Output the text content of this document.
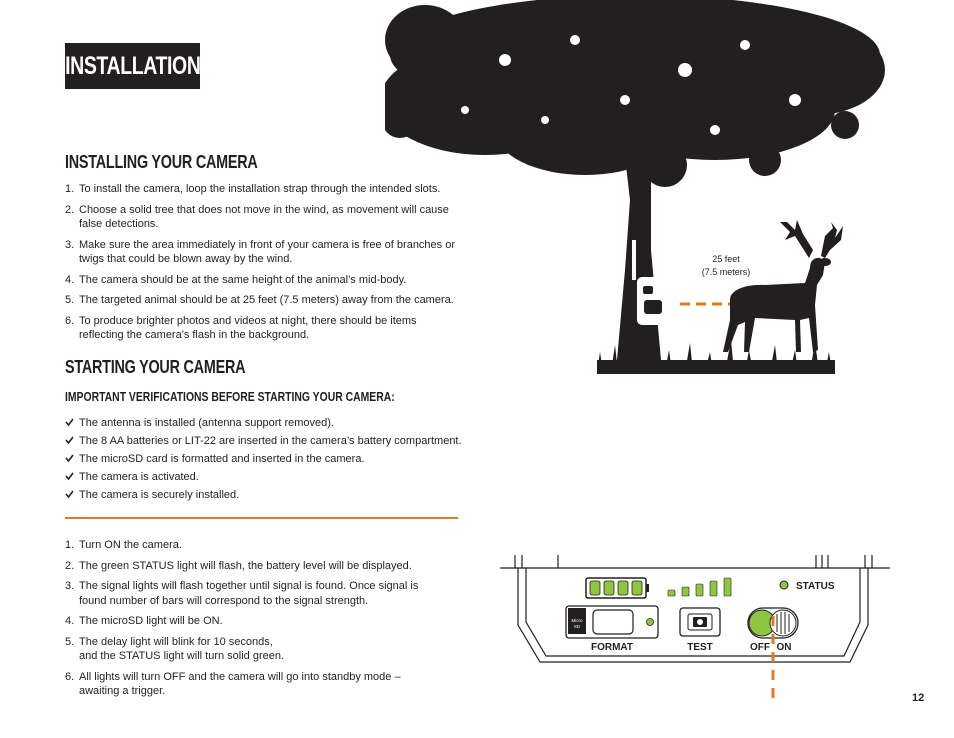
INSTALLATION
INSTALLING YOUR CAMERA
1. To install the camera, loop the installation strap through the intended slots.
2. Choose a solid tree that does not move in the wind, as movement will cause false detections.
3. Make sure the area immediately in front of your camera is free of branches or twigs that could be blown away by the wind.
4. The camera should be at the same height of the animal’s mid-body.
5. The targeted animal should be at 25 feet (7.5 meters) away from the camera.
6. To produce brighter photos and videos at night, there should be items reflecting the camera's flash in the background.
STARTING YOUR CAMERA
IMPORTANT VERIFICATIONS BEFORE STARTING YOUR CAMERA:
The antenna is installed (antenna support removed).
The 8 AA batteries or LIT-22 are inserted in the camera’s battery compartment.
The microSD card is formatted and inserted in the camera.
The camera is activated.
The camera is securely installed.
1. Turn ON the camera.
2. The green STATUS light will flash, the battery level will be displayed.
3. The signal lights will flash together until signal is found. Once signal is found number of bars will correspond to the signal strength.
4. The microSD light will be ON.
5. The delay light will blink for 10 seconds,
and the STATUS light will turn solid green.
6. All lights will turn OFF and the camera will go into standby mode – awaiting a trigger.
25 feet
(7.5 meters)
STATUS
Micro
SD
FORMAT	TEST	OFF ON
12
